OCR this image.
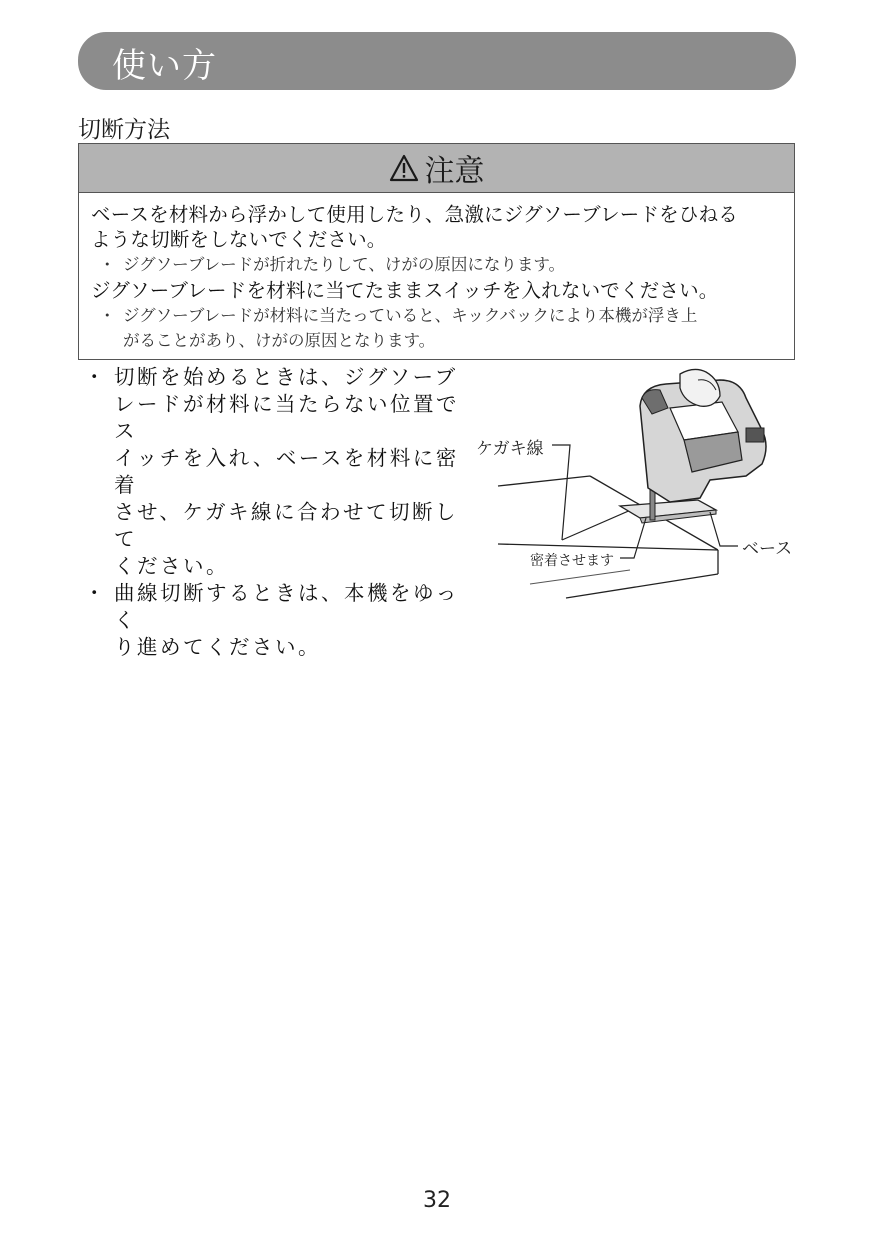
使い方
切断方法
注意
ベースを材料から浮かして使用したり、急激にジグソーブレードをひねる
ような切断をしないでください。
・ ジグソーブレードが折れたりして、けがの原因になります。
ジグソーブレードを材料に当てたままスイッチを入れないでください。
・ ジグソーブレードが材料に当たっていると、キックバックにより本機が浮き上
がることがあり、けがの原因となります。
・ 切断を始めるときは、ジグソーブ
レードが材料に当たらない位置でス
イッチを入れ、ベースを材料に密着
させ、ケガキ線に合わせて切断して
ください。
・ 曲線切断するときは、本機をゆっく
り進めてください。
ケガキ線
ベース
密着させます
32
